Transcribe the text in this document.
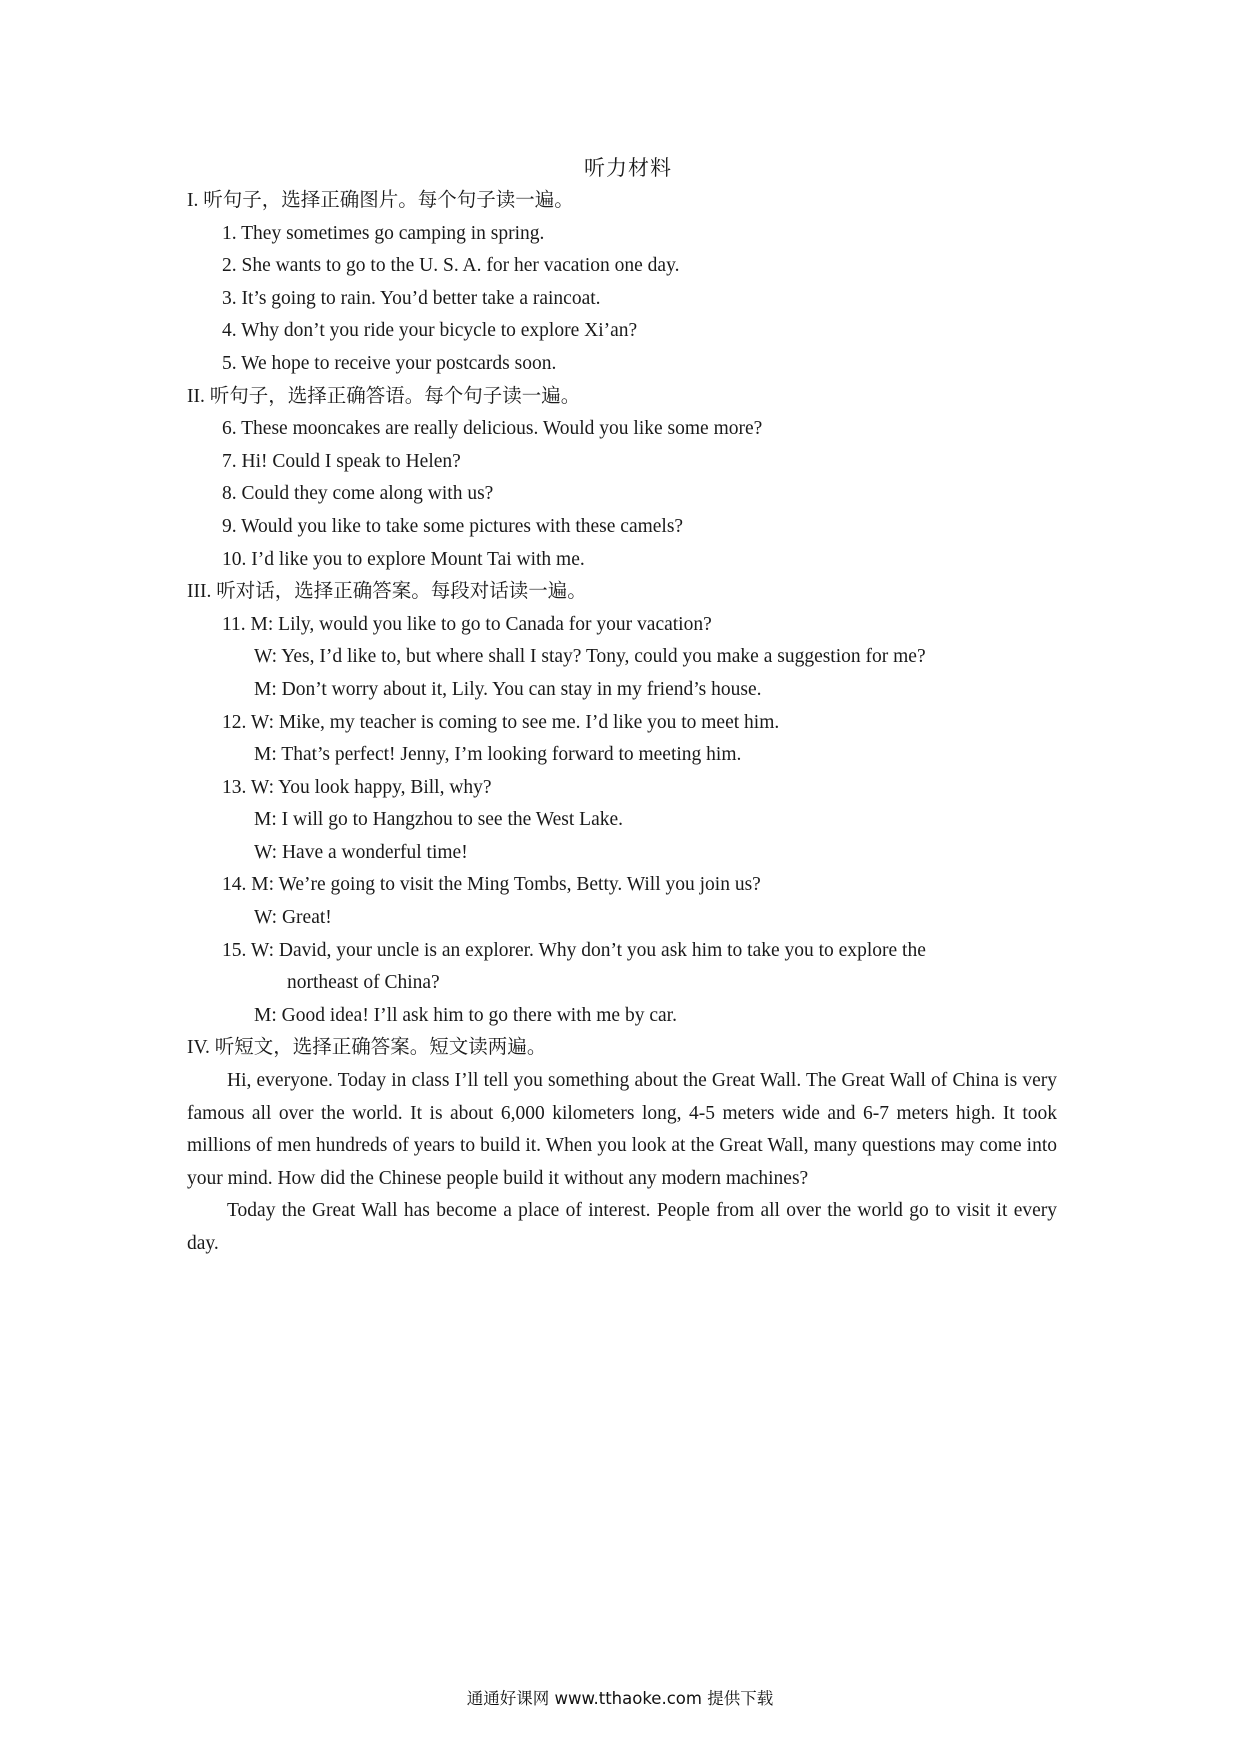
听力材料
I. 听句子，选择正确图片。每个句子读一遍。
1. They sometimes go camping in spring.
2. She wants to go to the U. S. A. for her vacation one day.
3. It’s going to rain. You’d better take a raincoat.
4. Why don’t you ride your bicycle to explore Xi’an?
5. We hope to receive your postcards soon.
II. 听句子，选择正确答语。每个句子读一遍。
6. These mooncakes are really delicious. Would you like some more?
7. Hi! Could I speak to Helen?
8. Could they come along with us?
9. Would you like to take some pictures with these camels?
10. I’d like you to explore Mount Tai with me.
III. 听对话，选择正确答案。每段对话读一遍。
11. M: Lily, would you like to go to Canada for your vacation?
W: Yes, I’d like to, but where shall I stay? Tony, could you make a suggestion for me?
M: Don’t worry about it, Lily. You can stay in my friend’s house.
12. W: Mike, my teacher is coming to see me. I’d like you to meet him.
M: That’s perfect! Jenny, I’m looking forward to meeting him.
13. W: You look happy, Bill, why?
M: I will go to Hangzhou to see the West Lake.
W: Have a wonderful time!
14. M: We’re going to visit the Ming Tombs, Betty. Will you join us?
W: Great!
15. W: David, your uncle is an explorer. Why don’t you ask him to take you to explore the
northeast of China?
M: Good idea! I’ll ask him to go there with me by car.
IV. 听短文，选择正确答案。短文读两遍。
Hi, everyone. Today in class I’ll tell you something about the Great Wall. The Great Wall of China is very famous all over the world. It is about 6,000 kilometers long, 4-5 meters wide and 6-7 meters high. It took millions of men hundreds of years to build it. When you look at the Great Wall, many questions may come into your mind. How did the Chinese people build it without any modern machines?
Today the Great Wall has become a place of interest. People from all over the world go to visit it every day.
通通好课网 www.tthaoke.com 提供下载
